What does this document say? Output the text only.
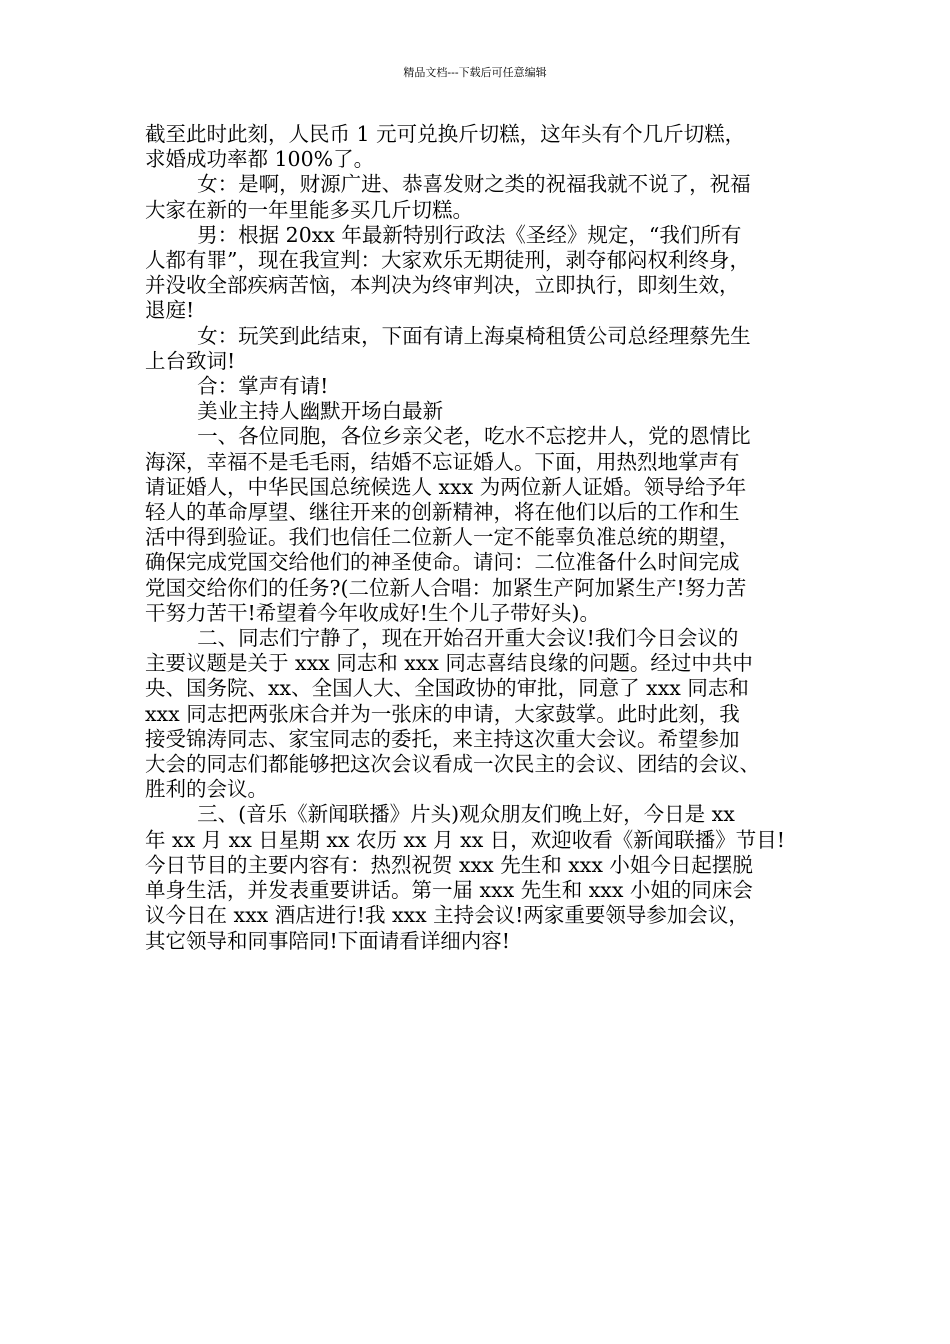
精品文档---下载后可任意编辑

截至此时此刻，人民币 1 元可兑换斤切糕，这年头有个几斤切糕，
求婚成功率都 100%了。

女：是啊，财源广进、恭喜发财之类的祝福我就不说了，祝福
大家在新的一年里能多买几斤切糕。

男：根据 20xx 年最新特别行政法《圣经》规定，“我们所有
人都有罪”，现在我宣判：大家欢乐无期徒刑，剥夺郁闷权利终身，
并没收全部疾病苦恼，本判决为终审判决，立即执行，即刻生效，
退庭!

女：玩笑到此结束，下面有请上海桌椅租赁公司总经理蔡先生
上台致词!

合：掌声有请!

美业主持人幽默开场白最新

一、各位同胞，各位乡亲父老，吃水不忘挖井人，党的恩情比
海深，幸福不是毛毛雨，结婚不忘证婚人。下面，用热烈地掌声有
请证婚人，中华民国总统候选人 xxx 为两位新人证婚。领导给予年
轻人的革命厚望、继往开来的创新精神，将在他们以后的工作和生
活中得到验证。我们也信任二位新人一定不能辜负准总统的期望，
确保完成党国交给他们的神圣使命。请问：二位准备什么时间完成
党国交给你们的任务?(二位新人合唱：加紧生产阿加紧生产!努力苦
干努力苦干!希望着今年收成好!生个儿子带好头)。

二、同志们宁静了，现在开始召开重大会议!我们今日会议的
主要议题是关于 xxx 同志和 xxx 同志喜结良缘的问题。经过中共中
央、国务院、xx、全国人大、全国政协的审批，同意了 xxx 同志和
xxx 同志把两张床合并为一张床的申请，大家鼓掌。此时此刻，我
接受锦涛同志、家宝同志的委托，来主持这次重大会议。希望参加
大会的同志们都能够把这次会议看成一次民主的会议、团结的会议、
胜利的会议。

三、(音乐《新闻联播》片头)观众朋友们晚上好，今日是 xx
年 xx 月 xx 日星期 xx 农历 xx 月 xx 日，欢迎收看《新闻联播》节目!
今日节目的主要内容有：热烈祝贺 xxx 先生和 xxx 小姐今日起摆脱
单身生活，并发表重要讲话。第一届 xxx 先生和 xxx 小姐的同床会
议今日在 xxx 酒店进行!我 xxx 主持会议!两家重要领导参加会议，
其它领导和同事陪同!下面请看详细内容!
